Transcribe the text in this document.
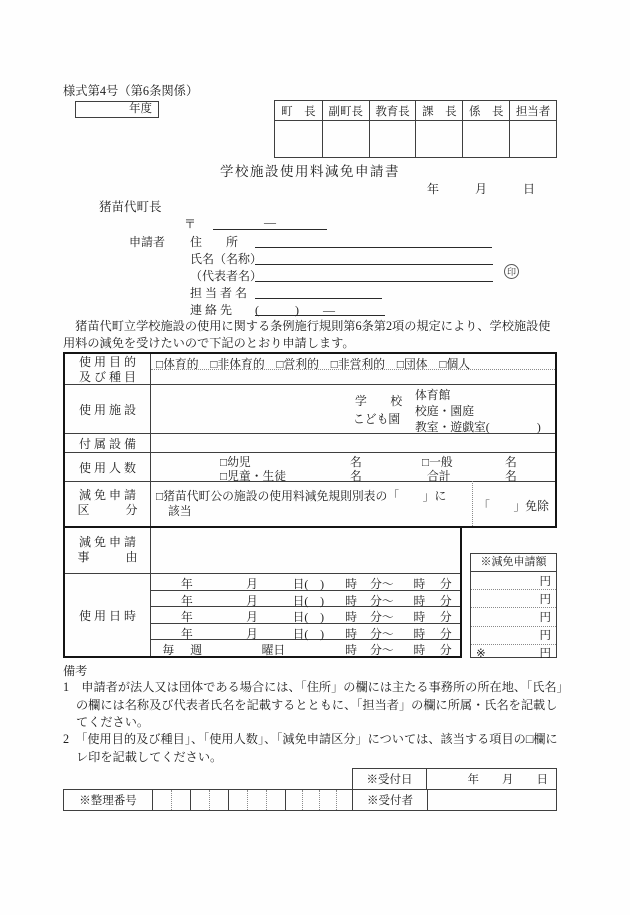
様式第4号（第6条関係）
年度	町　長	副町長	教育長	課　長	係　長	担当者
学校施設使用料減免申請書
年　　　月　　　日
猪苗代町長
〒	—
申請者 住　　所
氏名（名称）
（代表者名）	印
担 当 者 名
連 絡 先 (　　　)　　—
　猪苗代町立学校施設の使用に関する条例施行規則第6条第2項の規定により、学校施設使用料の減免を受けたいので下記のとおり申請します。
使 用 目 的
及 び 種 目
□体育的　□非体育的　□営利的　□非営利的　□団体　□個人
使 用 施 設
学　　校
こども園
体育館
校庭・園庭
教室・遊戯室(　　　　)
付 属 設 備
使 用 人 数	□幼児	名	□一般	名
□児童・生徒	名	合計	名
減 免 申 請
区　　　分
□猪苗代町公の施設の使用料減免規則別表の「　　」に
該当	「　　」免除
減 免 申 請
事　　　由
使 用 日 時
年	月	日(　) 時 分～ 時 分
年	月	日(　) 時 分～ 時 分
年	月	日(　) 時 分～ 時 分
年	月	日(　) 時 分～ 時 分
毎 週	曜日	時 分～ 時 分
※減免申請額
円
円
円
円
※	円
備考
1　申請者が法人又は団体である場合には、「住所」の欄には主たる事務所の所在地、「氏名」の欄には名称及び代表者氏名を記載するとともに、「担当者」の欄に所属・氏名を記載してください。
2　「使用目的及び種目」、「使用人数」、「減免申請区分」については、該当する項目の□欄にレ印を記載してください。
※受付日	年　　月　　日
※整理番号	※受付者
